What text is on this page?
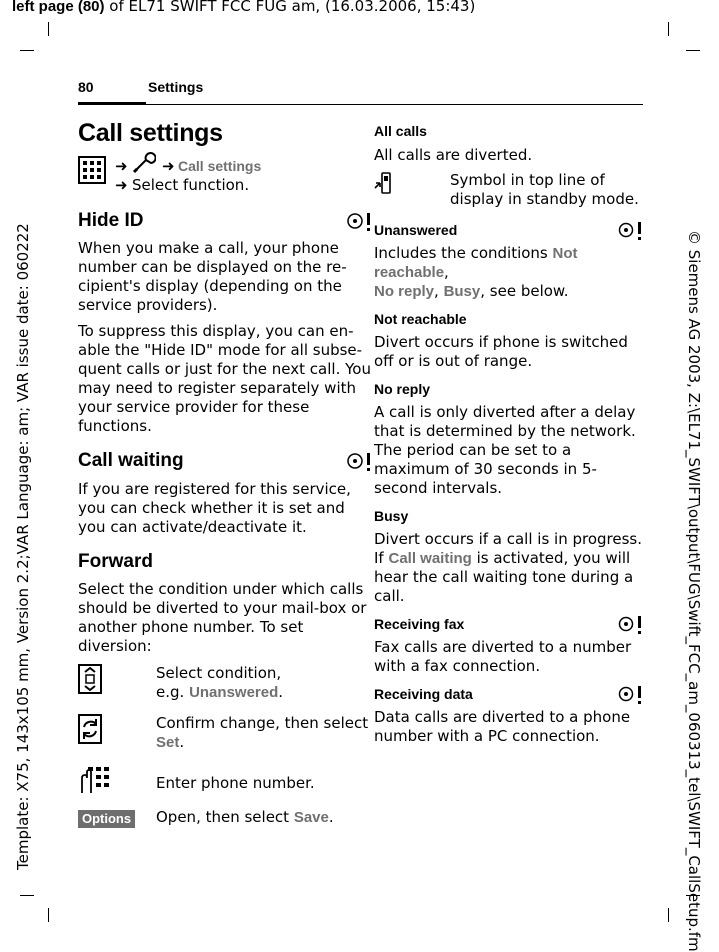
left page (80) of EL71 SWIFT FCC FUG am, (16.03.2006, 15:43)
Template: X75, 143x105 mm, Version 2.2;VAR Language: am; VAR issue date: 060222	© Siemens AG 2003, Z:\EL71_SWIFT\output\FUG\Swift_FCC_am_060313_tel\SWIFT_CallSetup.fm
80	Settings
Call settings
➜ ➜ Call settings
➜ Select function.
Hide ID

When you make a call, your phone number can be displayed on the re-cipient's display (depending on the service providers).

To suppress this display, you can en-able the "Hide ID" mode for all subse-quent calls or just for the next call. You may need to register separately with your service provider for these functions.

Call waiting

If you are registered for this service, you can check whether it is set and you can activate/deactivate it.

Forward

Select the condition under which calls should be diverted to your mail-box or another phone number. To set diversion:

Select condition,
e.g. Unanswered.

Confirm change, then select Set.

Enter phone number.

Options	Open, then select Save.

All calls

All calls are diverted.

Symbol in top line of display in standby mode.

Unanswered

Includes the conditions Not reachable,
No reply, Busy, see below.

Not reachable

Divert occurs if phone is switched off or is out of range.

No reply

A call is only diverted after a delay that is determined by the network. The period can be set to a maximum of 30 seconds in 5-second intervals.

Busy

Divert occurs if a call is in progress.
If Call waiting is activated, you will hear the call waiting tone during a call.

Receiving fax

Fax calls are diverted to a number with a fax connection.

Receiving data

Data calls are diverted to a phone number with a PC connection.
